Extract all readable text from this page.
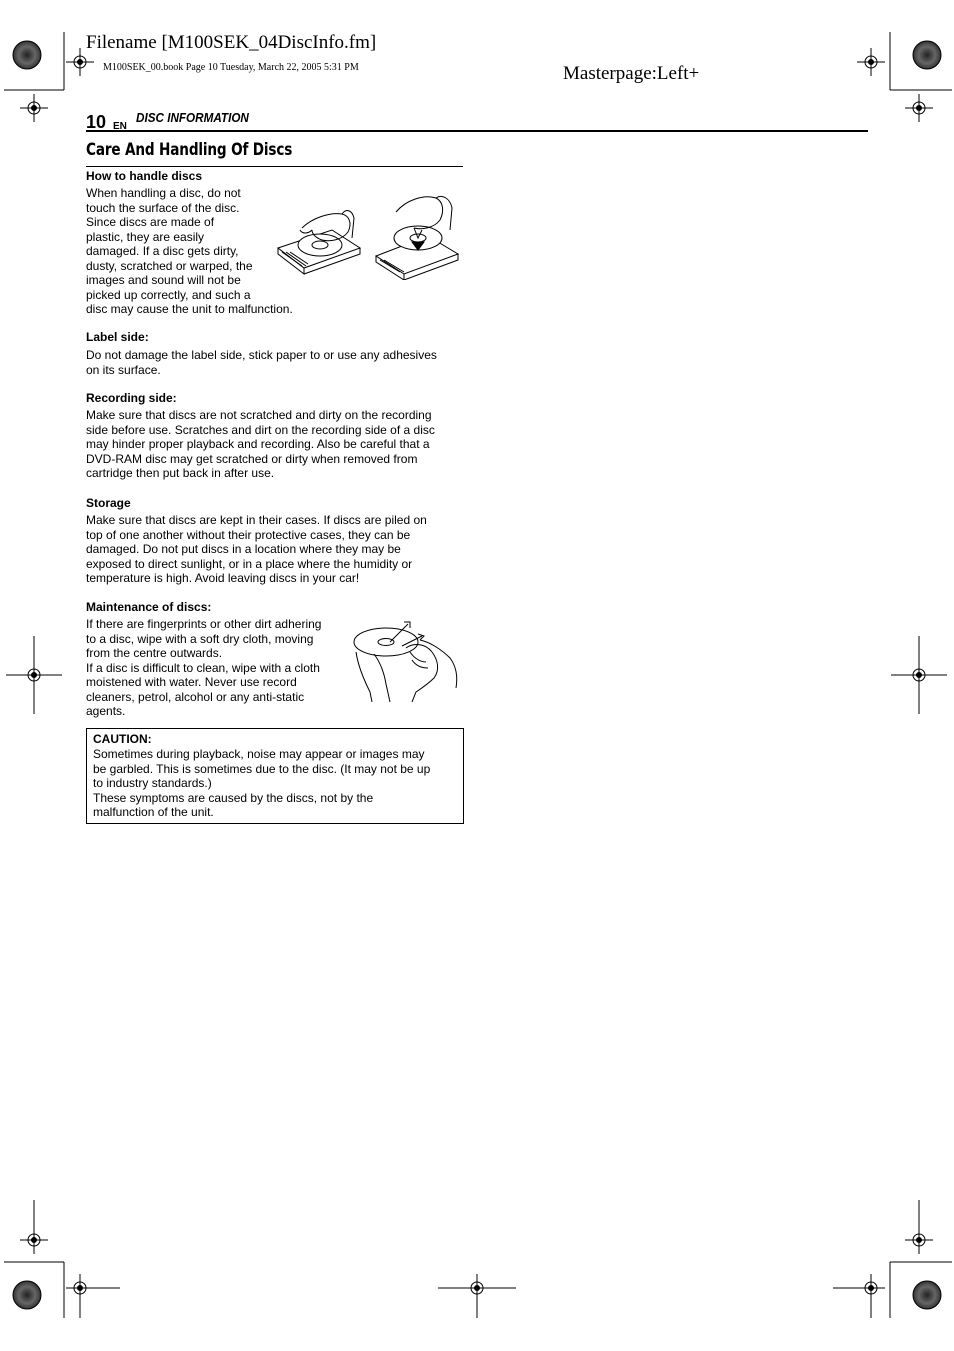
Filename [M100SEK_04DiscInfo.fm]
M100SEK_00.book Page 10 Tuesday, March 22, 2005 5:31 PM	Masterpage:Left+
10 EN
DISC INFORMATION
Care And Handling Of Discs
How to handle discs
When handling a disc, do not
touch the surface of the disc.
Since discs are made of
plastic, they are easily
damaged. If a disc gets dirty,
dusty, scratched or warped, the
images and sound will not be
picked up correctly, and such a
disc may cause the unit to malfunction.
Label side:
Do not damage the label side, stick paper to or use any adhesives
on its surface.
Recording side:
Make sure that discs are not scratched and dirty on the recording
side before use. Scratches and dirt on the recording side of a disc
may hinder proper playback and recording. Also be careful that a
DVD-RAM disc may get scratched or dirty when removed from
cartridge then put back in after use.
Storage
Make sure that discs are kept in their cases. If discs are piled on
top of one another without their protective cases, they can be
damaged. Do not put discs in a location where they may be
exposed to direct sunlight, or in a place where the humidity or
temperature is high. Avoid leaving discs in your car!
Maintenance of discs:
If there are fingerprints or other dirt adhering
to a disc, wipe with a soft dry cloth, moving
from the centre outwards.
If a disc is difficult to clean, wipe with a cloth
moistened with water. Never use record
cleaners, petrol, alcohol or any anti-static
agents.
CAUTION:
Sometimes during playback, noise may appear or images may
be garbled. This is sometimes due to the disc. (It may not be up
to industry standards.)
These symptoms are caused by the discs, not by the
malfunction of the unit.
